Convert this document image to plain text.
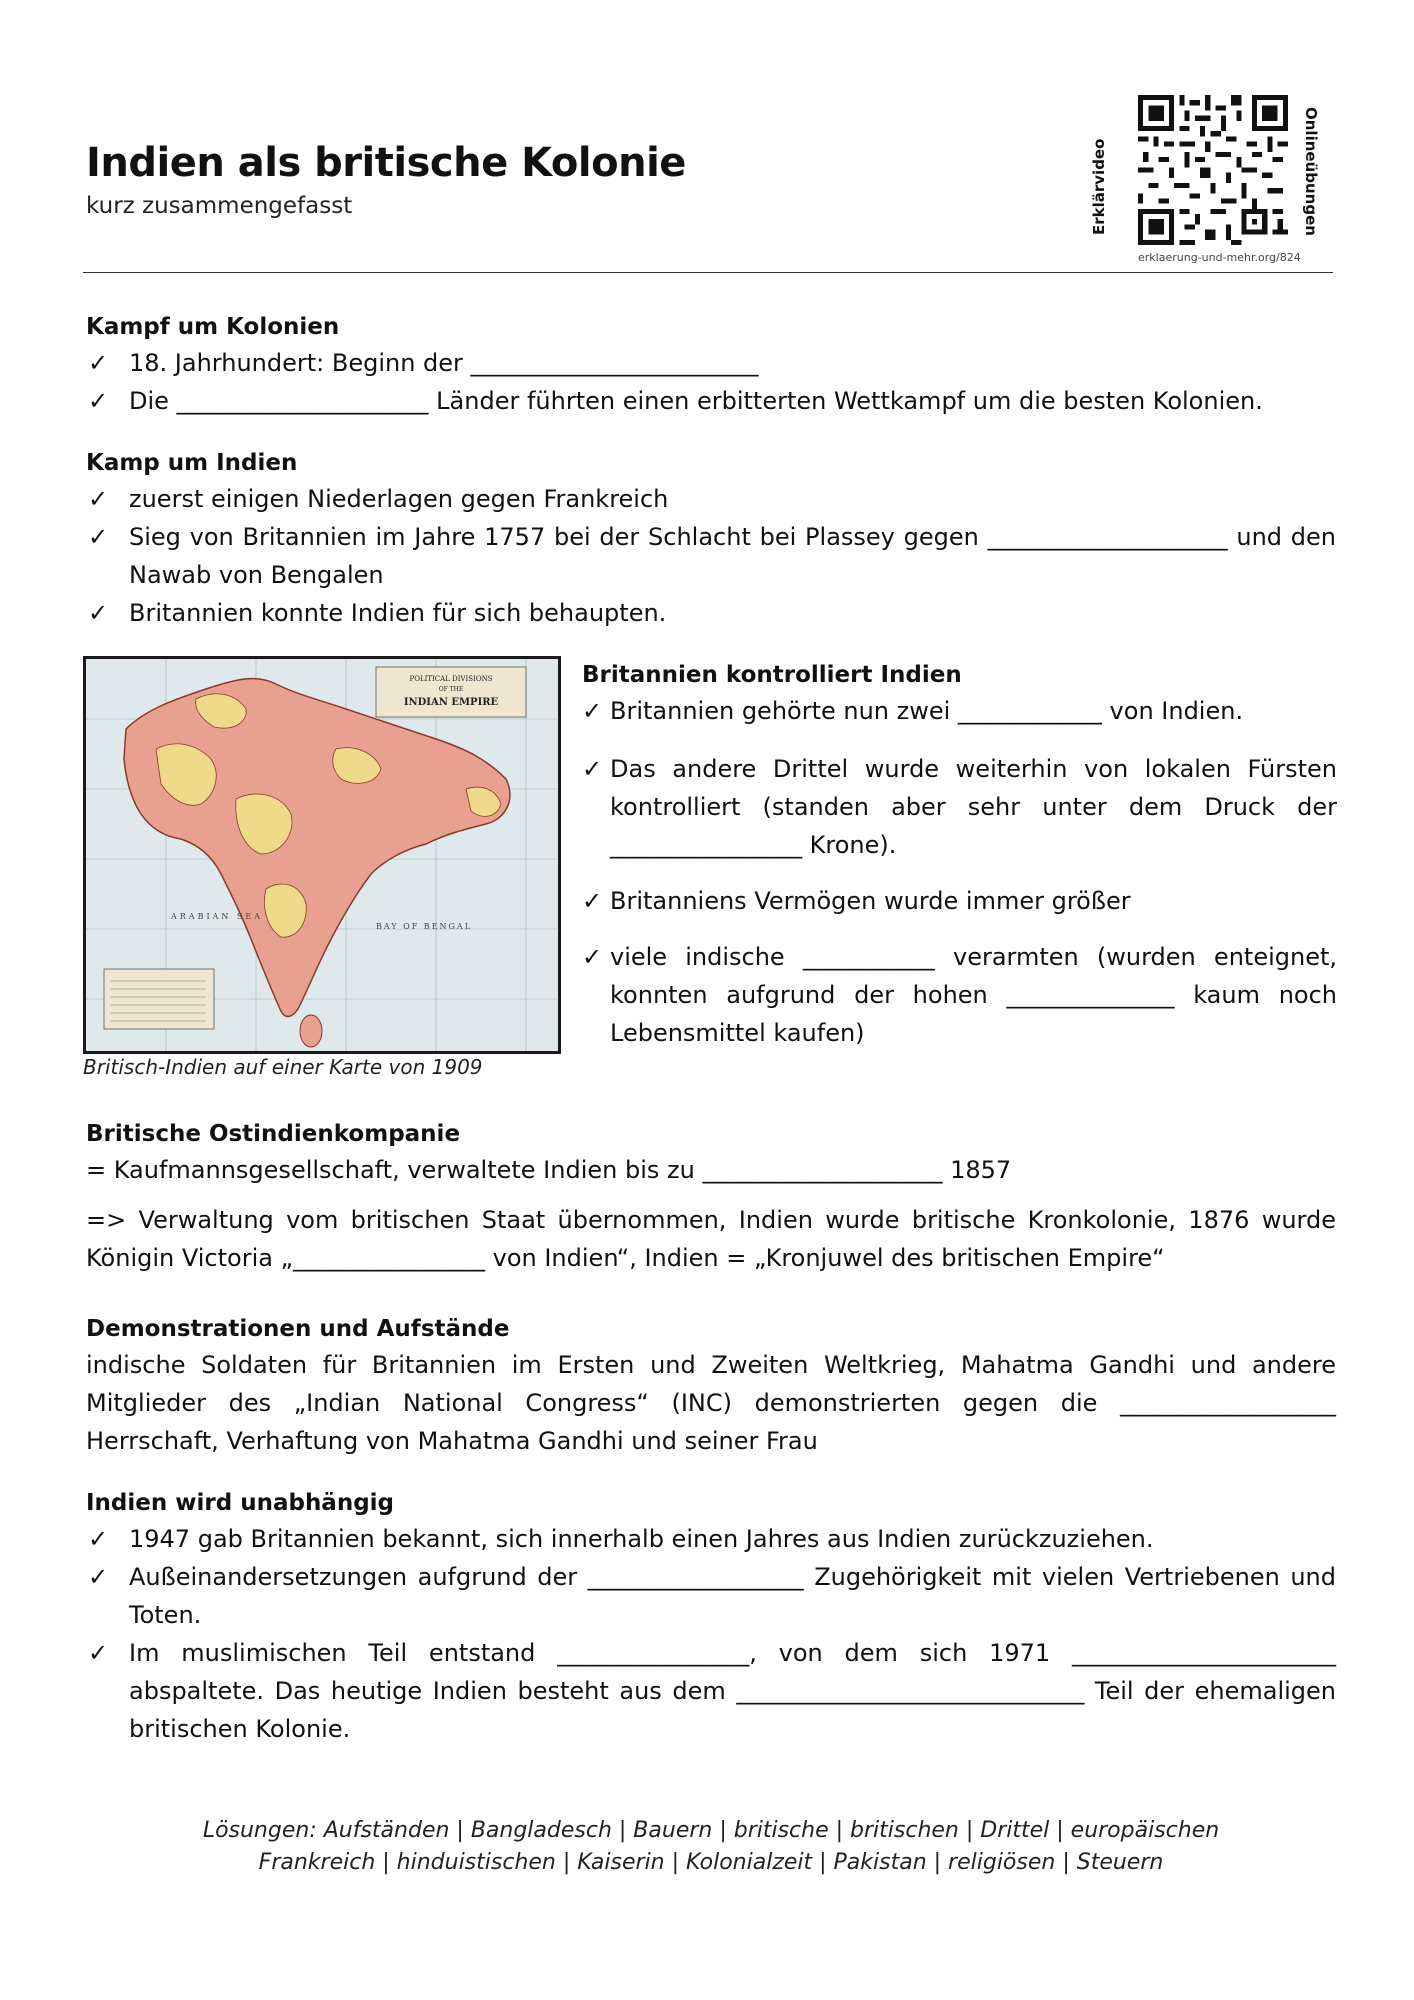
Indien als britische Kolonie
kurz zusammengefasst	Erklärvideo	Onlineübungen
erklaerung-und-mehr.org/824

Kampf um Kolonien

✓ 18. Jahrhundert: Beginn der ________________________
✓ Die _____________________ Länder führten einen erbitterten Wettkampf um die besten Kolonien.

Kamp um Indien

✓ zuerst einigen Niederlagen gegen Frankreich
✓ Sieg von Britannien im Jahre 1757 bei der Schlacht bei Plassey gegen ____________________ und den Nawab von Bengalen
✓ Britannien konnte Indien für sich behaupten.
POLITICAL DIVISIONS
OF THE
INDIAN EMPIRE
ARABIAN SEA
BAY OF BENGAL
Britisch-Indien auf einer Karte von 1909

Britannien kontrolliert Indien

✓ Britannien gehörte nun zwei ____________ von Indien.

✓ Das andere Drittel wurde weiterhin von lokalen Fürsten kontrolliert (standen aber sehr unter dem Druck der ________________ Krone).

✓ Britanniens Vermögen wurde immer größer

✓ viele indische ___________ verarmten (wurden enteignet, konnten aufgrund der hohen ______________ kaum noch Lebensmittel kaufen)

Britische Ostindienkompanie

= Kaufmannsgesellschaft, verwaltete Indien bis zu ____________________ 1857

=> Verwaltung vom britischen Staat übernommen, Indien wurde britische Kronkolonie, 1876 wurde Königin Victoria „________________ von Indien“, Indien = „Kronjuwel des britischen Empire“

Demonstrationen und Aufstände

indische Soldaten für Britannien im Ersten und Zweiten Weltkrieg, Mahatma Gandhi und andere Mitglieder des „Indian National Congress“ (INC) demonstrierten gegen die __________________ Herrschaft, Verhaftung von Mahatma Gandhi und seiner Frau

Indien wird unabhängig

✓ 1947 gab Britannien bekannt, sich innerhalb einen Jahres aus Indien zurückzuziehen.
✓ Außeinandersetzungen aufgrund der __________________ Zugehörigkeit mit vielen Vertriebenen und Toten.
✓ Im muslimischen Teil entstand ________________, von dem sich 1971 ______________________ abspaltete. Das heutige Indien besteht aus dem _____________________________ Teil der ehemaligen britischen Kolonie.
Lösungen: Aufständen | Bangladesch | Bauern | britische | britischen | Drittel | europäischen
Frankreich | hinduistischen | Kaiserin | Kolonialzeit | Pakistan | religiösen | Steuern
